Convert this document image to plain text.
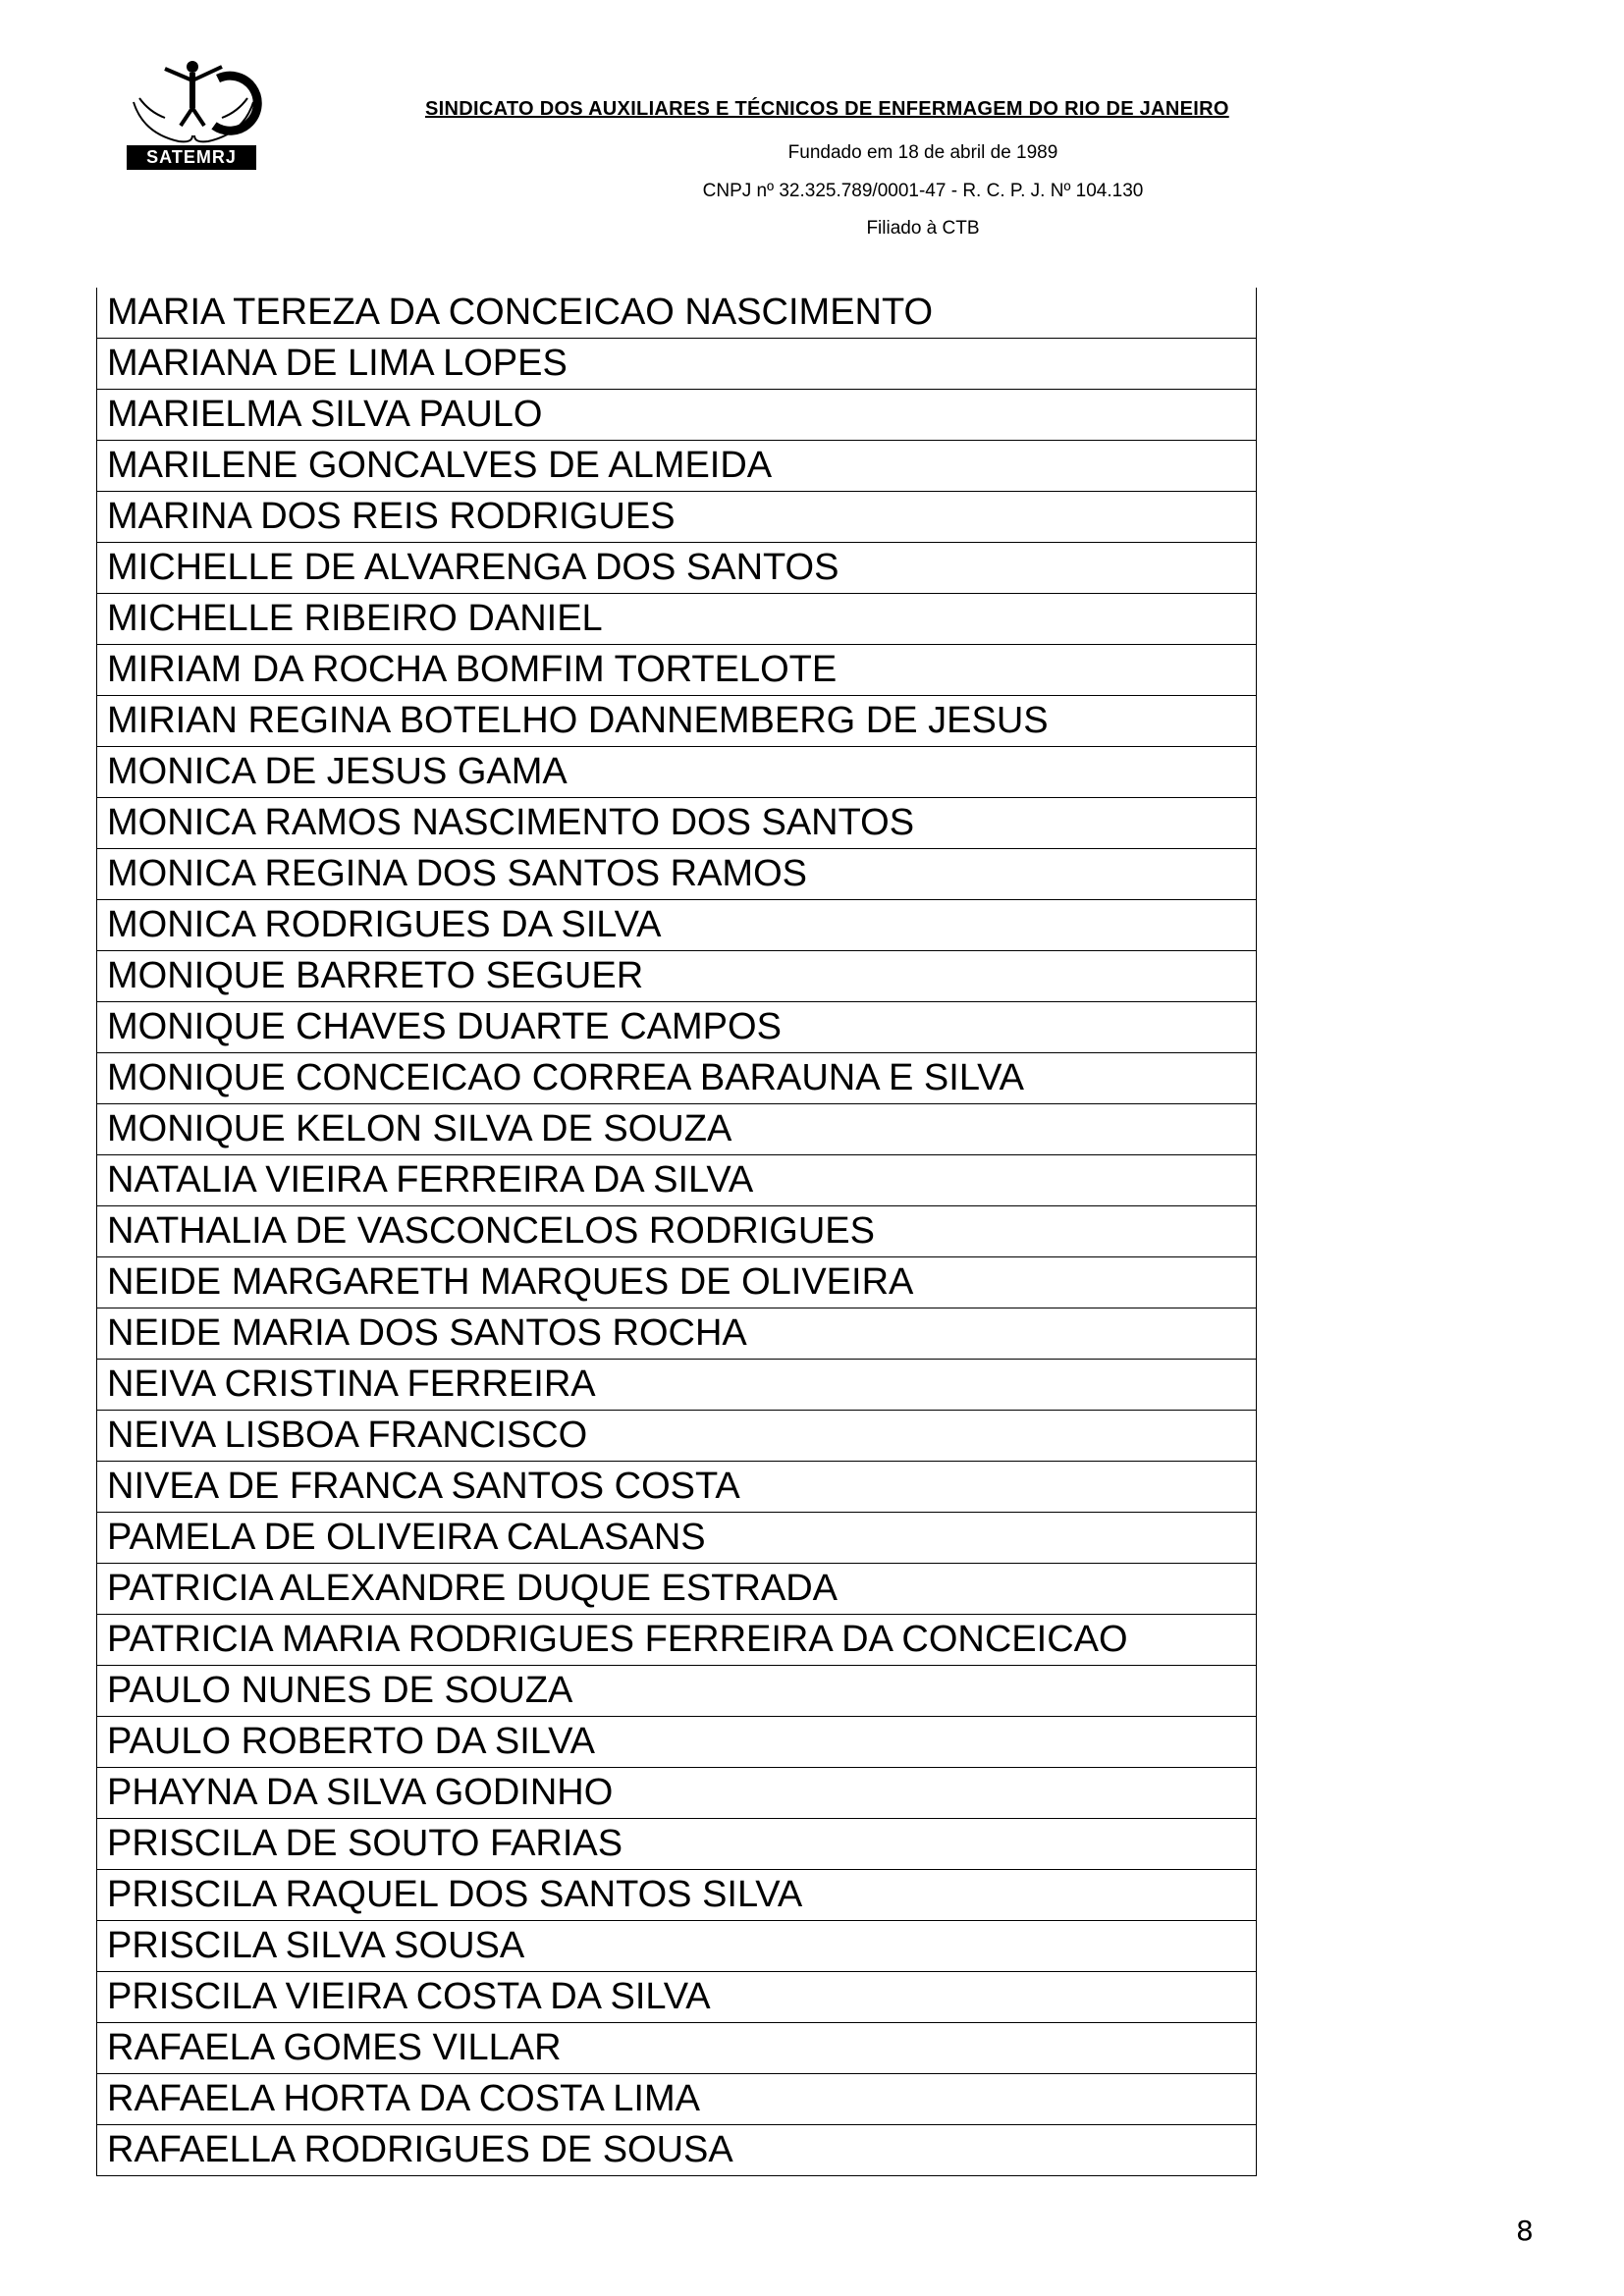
SATEMRJ
SINDICATO DOS AUXILIARES E TÉCNICOS DE ENFERMAGEM DO RIO DE JANEIRO
Fundado em 18 de abril de 1989
CNPJ nº 32.325.789/0001-47 - R. C. P. J. Nº 104.130
Filiado à CTB
MARIA TEREZA DA CONCEICAO NASCIMENTO
MARIANA DE LIMA LOPES
MARIELMA SILVA PAULO
MARILENE GONCALVES DE ALMEIDA
MARINA DOS REIS RODRIGUES
MICHELLE DE ALVARENGA DOS SANTOS
MICHELLE RIBEIRO DANIEL
MIRIAM DA ROCHA BOMFIM TORTELOTE
MIRIAN REGINA BOTELHO DANNEMBERG DE JESUS
MONICA DE JESUS GAMA
MONICA RAMOS NASCIMENTO DOS SANTOS
MONICA REGINA DOS SANTOS RAMOS
MONICA RODRIGUES DA SILVA
MONIQUE BARRETO SEGUER
MONIQUE CHAVES DUARTE CAMPOS
MONIQUE CONCEICAO CORREA BARAUNA E SILVA
MONIQUE KELON SILVA DE SOUZA
NATALIA VIEIRA FERREIRA DA SILVA
NATHALIA DE VASCONCELOS RODRIGUES
NEIDE MARGARETH MARQUES DE OLIVEIRA
NEIDE MARIA DOS SANTOS ROCHA
NEIVA CRISTINA FERREIRA
NEIVA LISBOA FRANCISCO
NIVEA DE FRANCA SANTOS COSTA
PAMELA DE OLIVEIRA CALASANS
PATRICIA ALEXANDRE DUQUE ESTRADA
PATRICIA MARIA RODRIGUES FERREIRA DA CONCEICAO
PAULO NUNES DE SOUZA
PAULO ROBERTO DA SILVA
PHAYNA DA SILVA GODINHO
PRISCILA DE SOUTO FARIAS
PRISCILA RAQUEL DOS SANTOS SILVA
PRISCILA SILVA SOUSA
PRISCILA VIEIRA COSTA DA SILVA
RAFAELA GOMES VILLAR
RAFAELA HORTA DA COSTA LIMA
RAFAELLA RODRIGUES DE SOUSA
8
